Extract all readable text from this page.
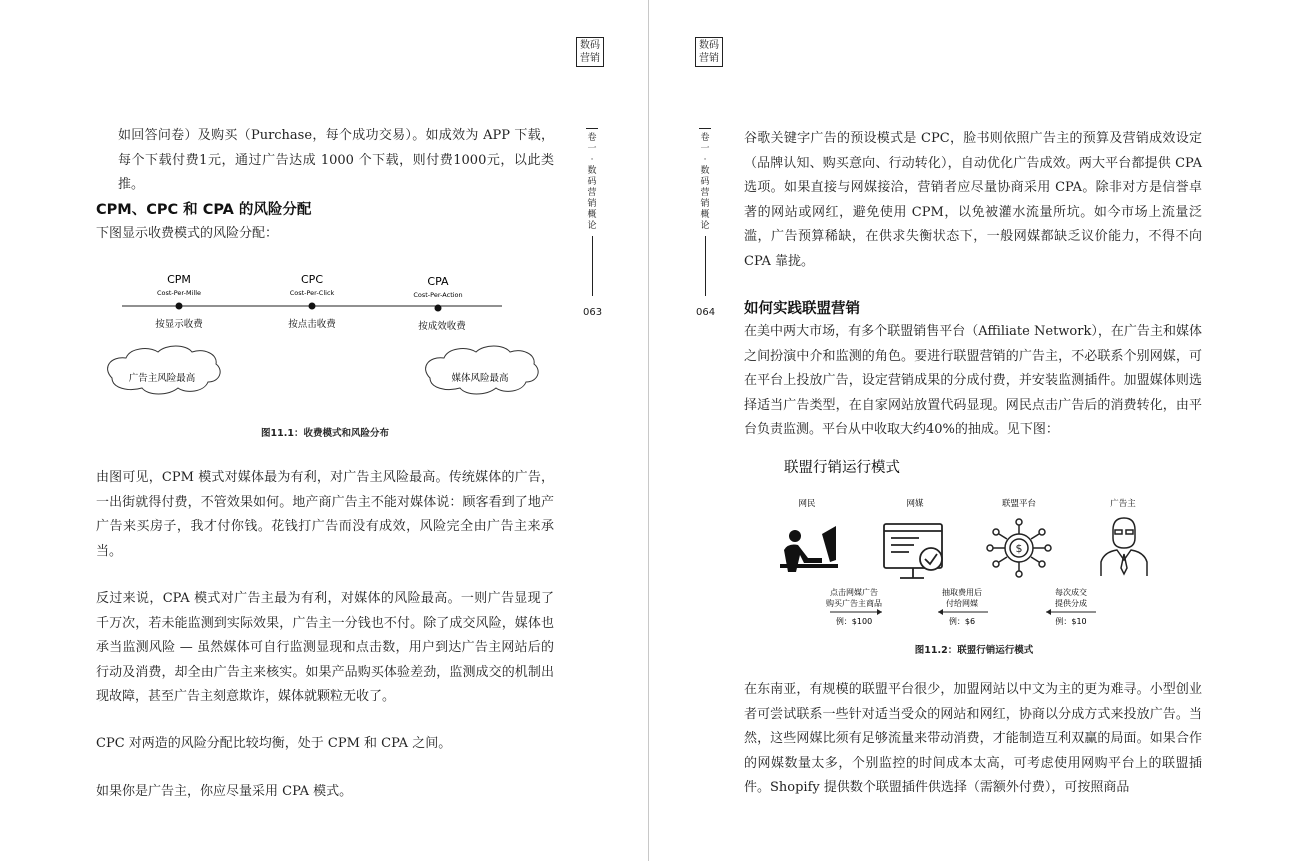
数码
营销
卷
一
·
数
码
营
销
概
论
063
如回答问卷）及购买（Purchase，每个成功交易）。如成效为 APP 下载，每个下载付费1元，通过广告达成 1000 个下载，则付费1000元，以此类推。
CPM、CPC 和 CPA 的风险分配
下图显示收费模式的风险分配：
CPM
Cost-Per-Mille
按显示收费
CPC
Cost-Per-Click
按点击收费
CPA
Cost-Per-Action
按成效收费
广告主风险最高	媒体风险最高
图11.1：收费模式和风险分布
由图可见，CPM 模式对媒体最为有利，对广告主风险最高。传统媒体的广告，一出街就得付费，不管效果如何。地产商广告主不能对媒体说：顾客看到了地产广告来买房子，我才付你钱。花钱打广告而没有成效，风险完全由广告主来承当。
反过来说，CPA 模式对广告主最为有利，对媒体的风险最高。一则广告显现了千万次，若未能监测到实际效果，广告主一分钱也不付。除了成交风险，媒体也承当监测风险 — 虽然媒体可自行监测显现和点击数，用户到达广告主网站后的行动及消费，却全由广告主来核实。如果产品购买体验差劲，监测成交的机制出现故障，甚至广告主刻意欺诈，媒体就颗粒无收了。
CPC 对两造的风险分配比较均衡，处于 CPM 和 CPA 之间。
如果你是广告主，你应尽量采用 CPA 模式。
数码
营销
卷
一
·
数
码
营
销
概
论
064
谷歌关键字广告的预设模式是 CPC，脸书则依照广告主的预算及营销成效设定（品牌认知、购买意向、行动转化），自动优化广告成效。两大平台都提供 CPA 选项。如果直接与网媒接洽，营销者应尽量协商采用 CPA。除非对方是信誉卓著的网站或网红，避免使用 CPM，以免被灌水流量所坑。如今市场上流量泛滥，广告预算稀缺，在供求失衡状态下，一般网媒都缺乏议价能力，不得不向 CPA 靠拢。
如何实践联盟营销
在美中两大市场，有多个联盟销售平台（Affiliate Network），在广告主和媒体之间扮演中介和监测的角色。要进行联盟营销的广告主，不必联系个别网媒，可在平台上投放广告，设定营销成果的分成付费，并安装监测插件。加盟媒体则选择适当广告类型，在自家网站放置代码显现。网民点击广告后的消费转化，由平台负责监测。平台从中收取大约40%的抽成。见下图：
联盟行销运行模式
网民	网媒	联盟平台	广告主
$
点击网媒广告
购买广告主商品
例：$100
抽取费用后
付给网媒
例：$6
每次成交
提供分成
例：$10
图11.2：联盟行销运行模式
在东南亚，有规模的联盟平台很少，加盟网站以中文为主的更为难寻。小型创业者可尝试联系一些针对适当受众的网站和网红，协商以分成方式来投放广告。当然，这些网媒比须有足够流量来带动消费，才能制造互利双赢的局面。如果合作的网媒数量太多，个别监控的时间成本太高，可考虑使用网购平台上的联盟插件。Shopify 提供数个联盟插件供选择（需额外付费），可按照商品
